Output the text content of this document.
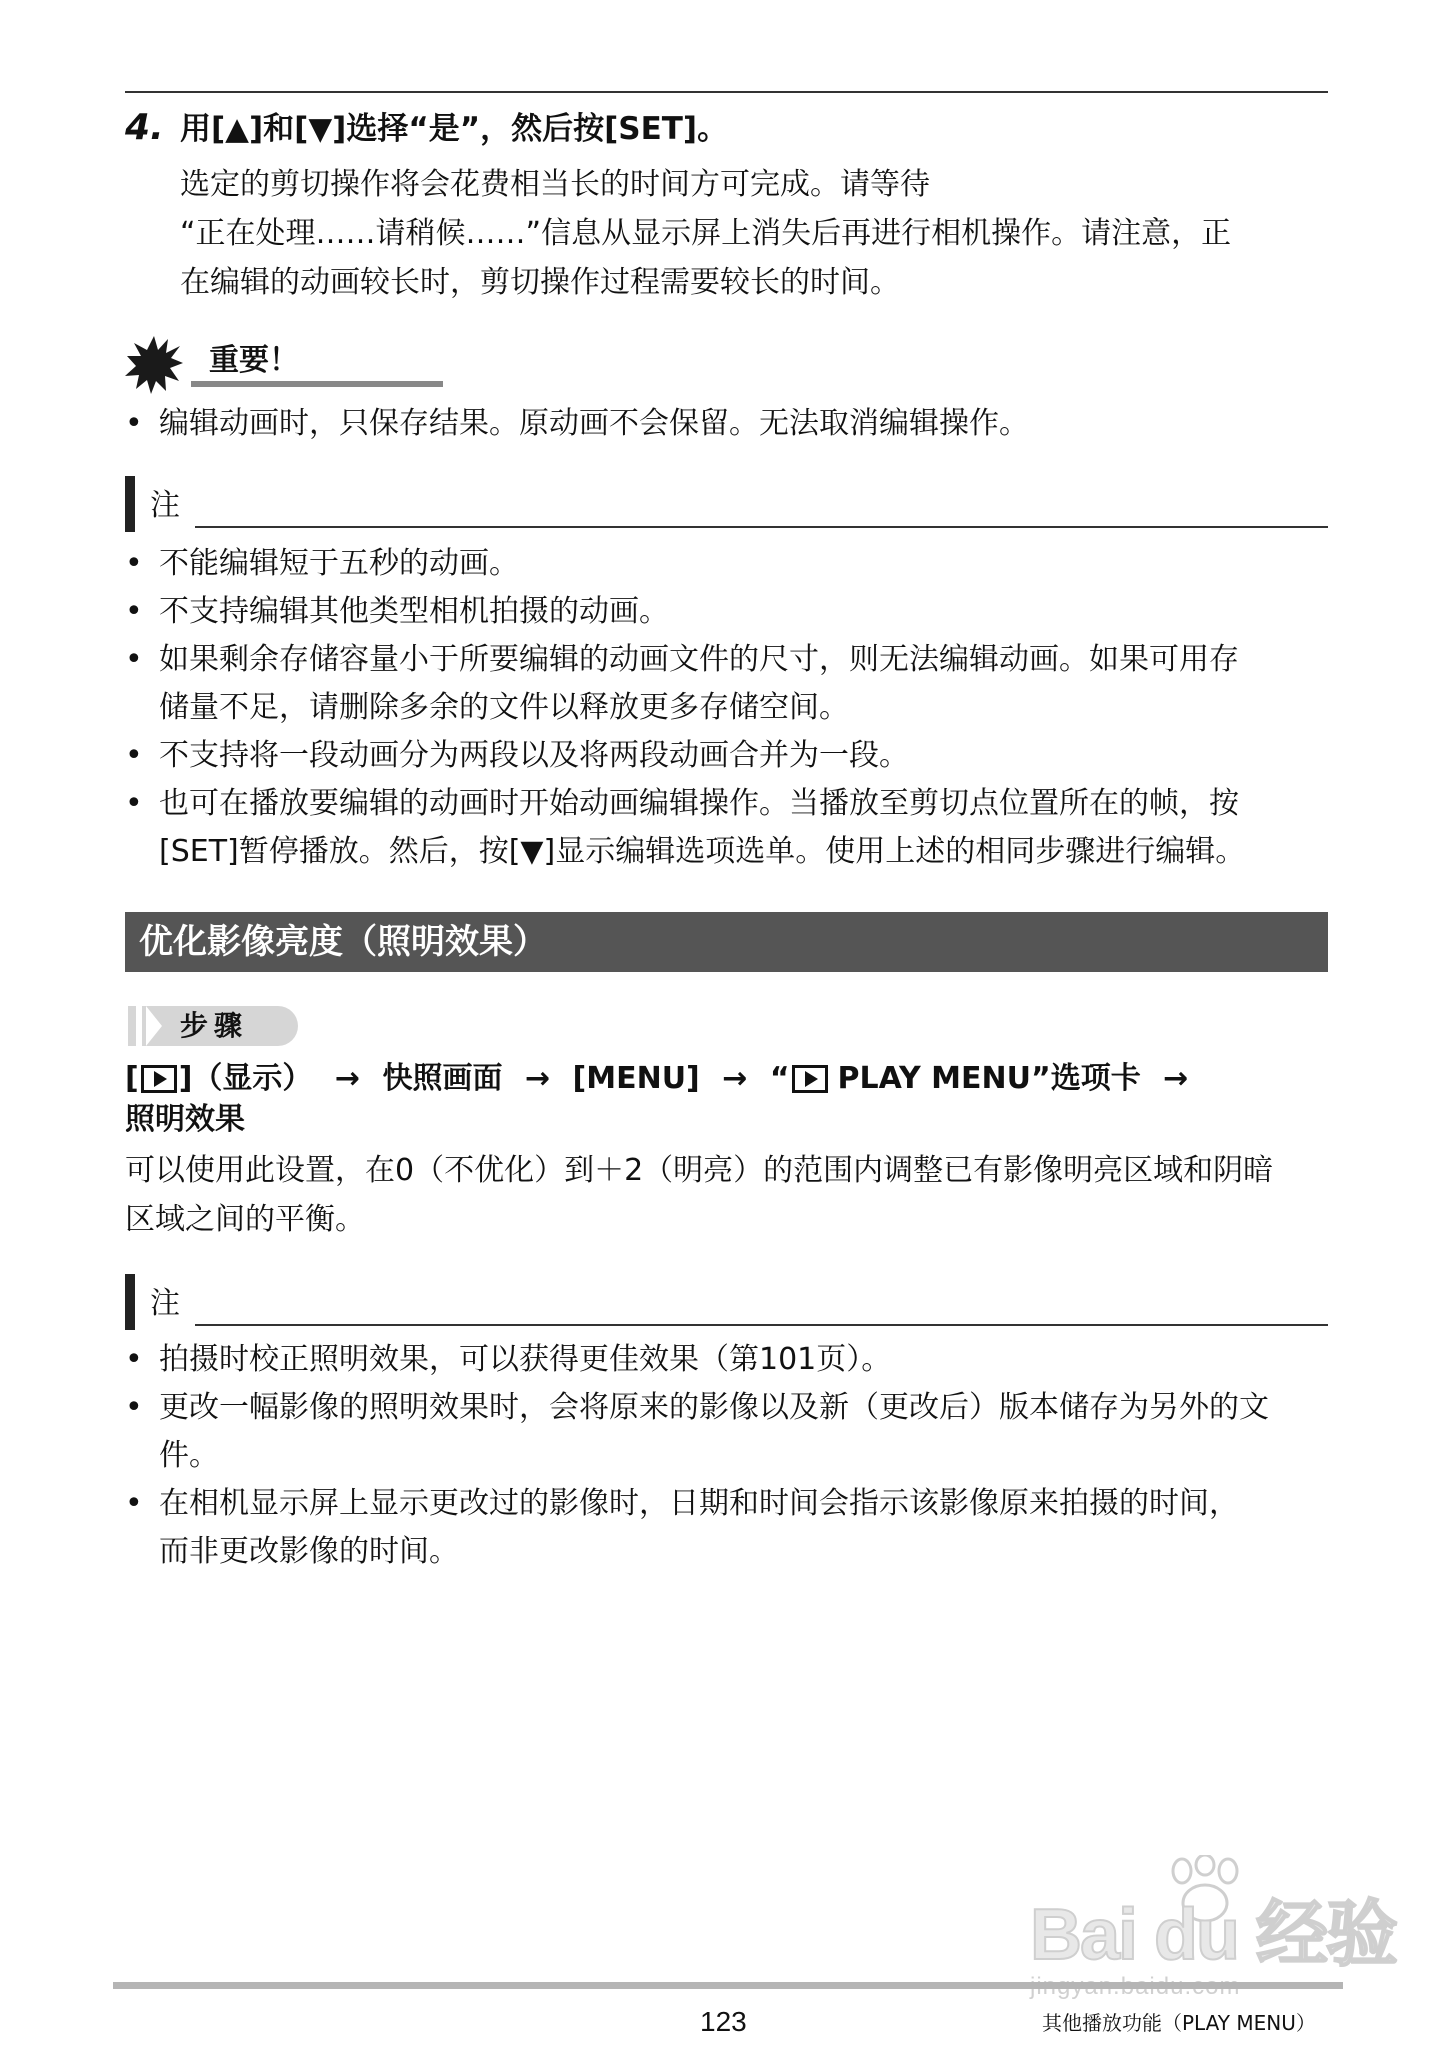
4. 用[▲]和[▼]选择“是”，然后按[SET]。
选定的剪切操作将会花费相当长的时间方可完成。请等待
“正在处理……请稍候……”信息从显示屏上消失后再进行相机操作。请注意，正
在编辑的动画较长时，剪切操作过程需要较长的时间。
重要！
• 编辑动画时，只保存结果。原动画不会保留。无法取消编辑操作。
注
• 不能编辑短于五秒的动画。
• 不支持编辑其他类型相机拍摄的动画。
• 如果剩余存储容量小于所要编辑的动画文件的尺寸，则无法编辑动画。如果可用存
储量不足，请删除多余的文件以释放更多存储空间。
• 不支持将一段动画分为两段以及将两段动画合并为一段。
• 也可在播放要编辑的动画时开始动画编辑操作。当播放至剪切点位置所在的帧，按
[SET]暂停播放。然后，按[▼]显示编辑选项选单。使用上述的相同步骤进行编辑。
优化影像亮度（照明效果）
步骤
[ ]（显示） → 快照画面 → [MENU] → “ PLAY MENU”选项卡 →
照明效果
可以使用此设置，在0（不优化）到＋2（明亮）的范围内调整已有影像明亮区域和阴暗
区域之间的平衡。
注
• 拍摄时校正照明效果，可以获得更佳效果（第101页）。
• 更改一幅影像的照明效果时，会将原来的影像以及新（更改后）版本储存为另外的文
件。
• 在相机显示屏上显示更改过的影像时，日期和时间会指示该影像原来拍摄的时间，
而非更改影像的时间。
Bai du 经验
123	其他播放功能（PLAY MENU）
